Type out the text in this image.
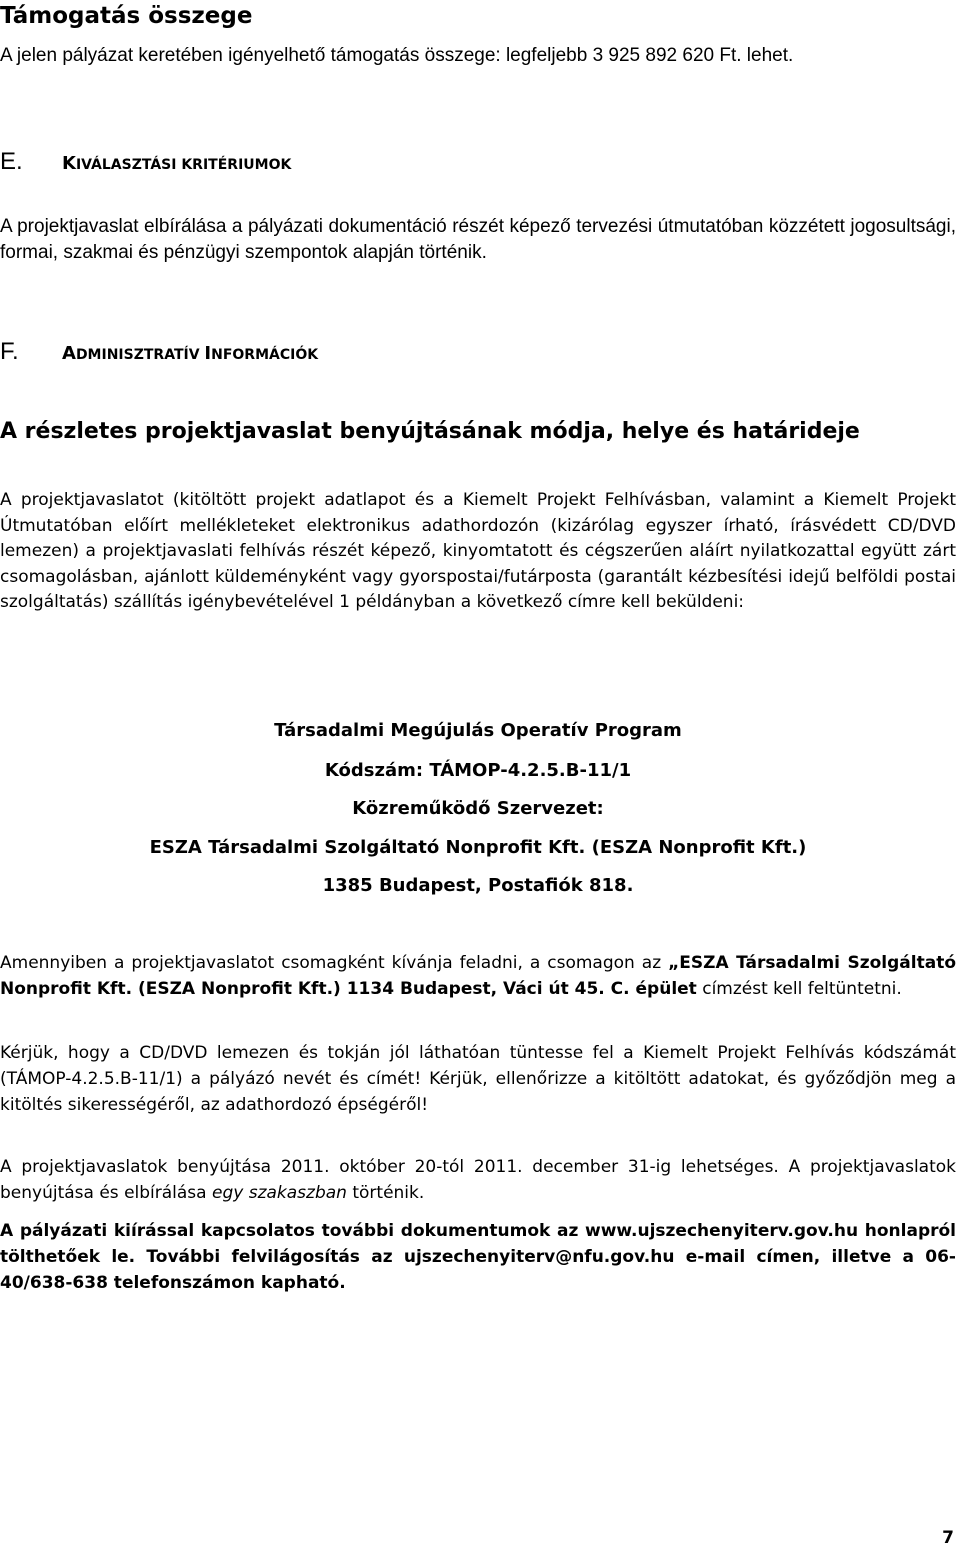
Támogatás összege

A jelen pályázat keretében igényelhető támogatás összege: legfeljebb 3 925 892 620 Ft. lehet.

E. KIVÁLASZTÁSI KRITÉRIUMOK

A projektjavaslat elbírálása a pályázati dokumentáció részét képező tervezési útmutatóban közzétett jogosultsági, formai, szakmai és pénzügyi szempontok alapján történik.

F. ADMINISZTRATÍV INFORMÁCIÓK
A részletes projektjavaslat benyújtásának módja, helye és határideje

A projektjavaslatot (kitöltött projekt adatlapot és a Kiemelt Projekt Felhívásban, valamint a Kiemelt Projekt Útmutatóban előírt mellékleteket elektronikus adathordozón (kizárólag egyszer írható, írásvédett CD/DVD lemezen) a projektjavaslati felhívás részét képező, kinyomtatott és cégszerűen aláírt nyilatkozattal együtt zárt csomagolásban, ajánlott küldeményként vagy gyorspostai/futárposta (garantált kézbesítési idejű belföldi postai szolgáltatás) szállítás igénybevételével 1 példányban a következő címre kell beküldeni:

Társadalmi Megújulás Operatív Program
Kódszám: TÁMOP-4.2.5.B-11/1
Közreműködő Szervezet:
ESZA Társadalmi Szolgáltató Nonprofit Kft. (ESZA Nonprofit Kft.)
1385 Budapest, Postafiók 818.

Amennyiben a projektjavaslatot csomagként kívánja feladni, a csomagon az „ESZA Társadalmi Szolgáltató Nonprofit Kft. (ESZA Nonprofit Kft.) 1134 Budapest, Váci út 45. C. épület címzést kell feltüntetni.

Kérjük, hogy a CD/DVD lemezen és tokján jól láthatóan tüntesse fel a Kiemelt Projekt Felhívás kódszámát (TÁMOP-4.2.5.B-11/1) a pályázó nevét és címét! Kérjük, ellenőrizze a kitöltött adatokat, és győződjön meg a kitöltés sikerességéről, az adathordozó épségéről!

A projektjavaslatok benyújtása 2011. október 20-tól 2011. december 31-ig lehetséges. A projektjavaslatok benyújtása és elbírálása egy szakaszban történik.

A pályázati kiírással kapcsolatos további dokumentumok az www.ujszechenyiterv.gov.hu honlapról tölthetőek le. További felvilágosítás az ujszechenyiterv@nfu.gov.hu e-mail címen, illetve a 06-40/638-638 telefonszámon kapható.

7
